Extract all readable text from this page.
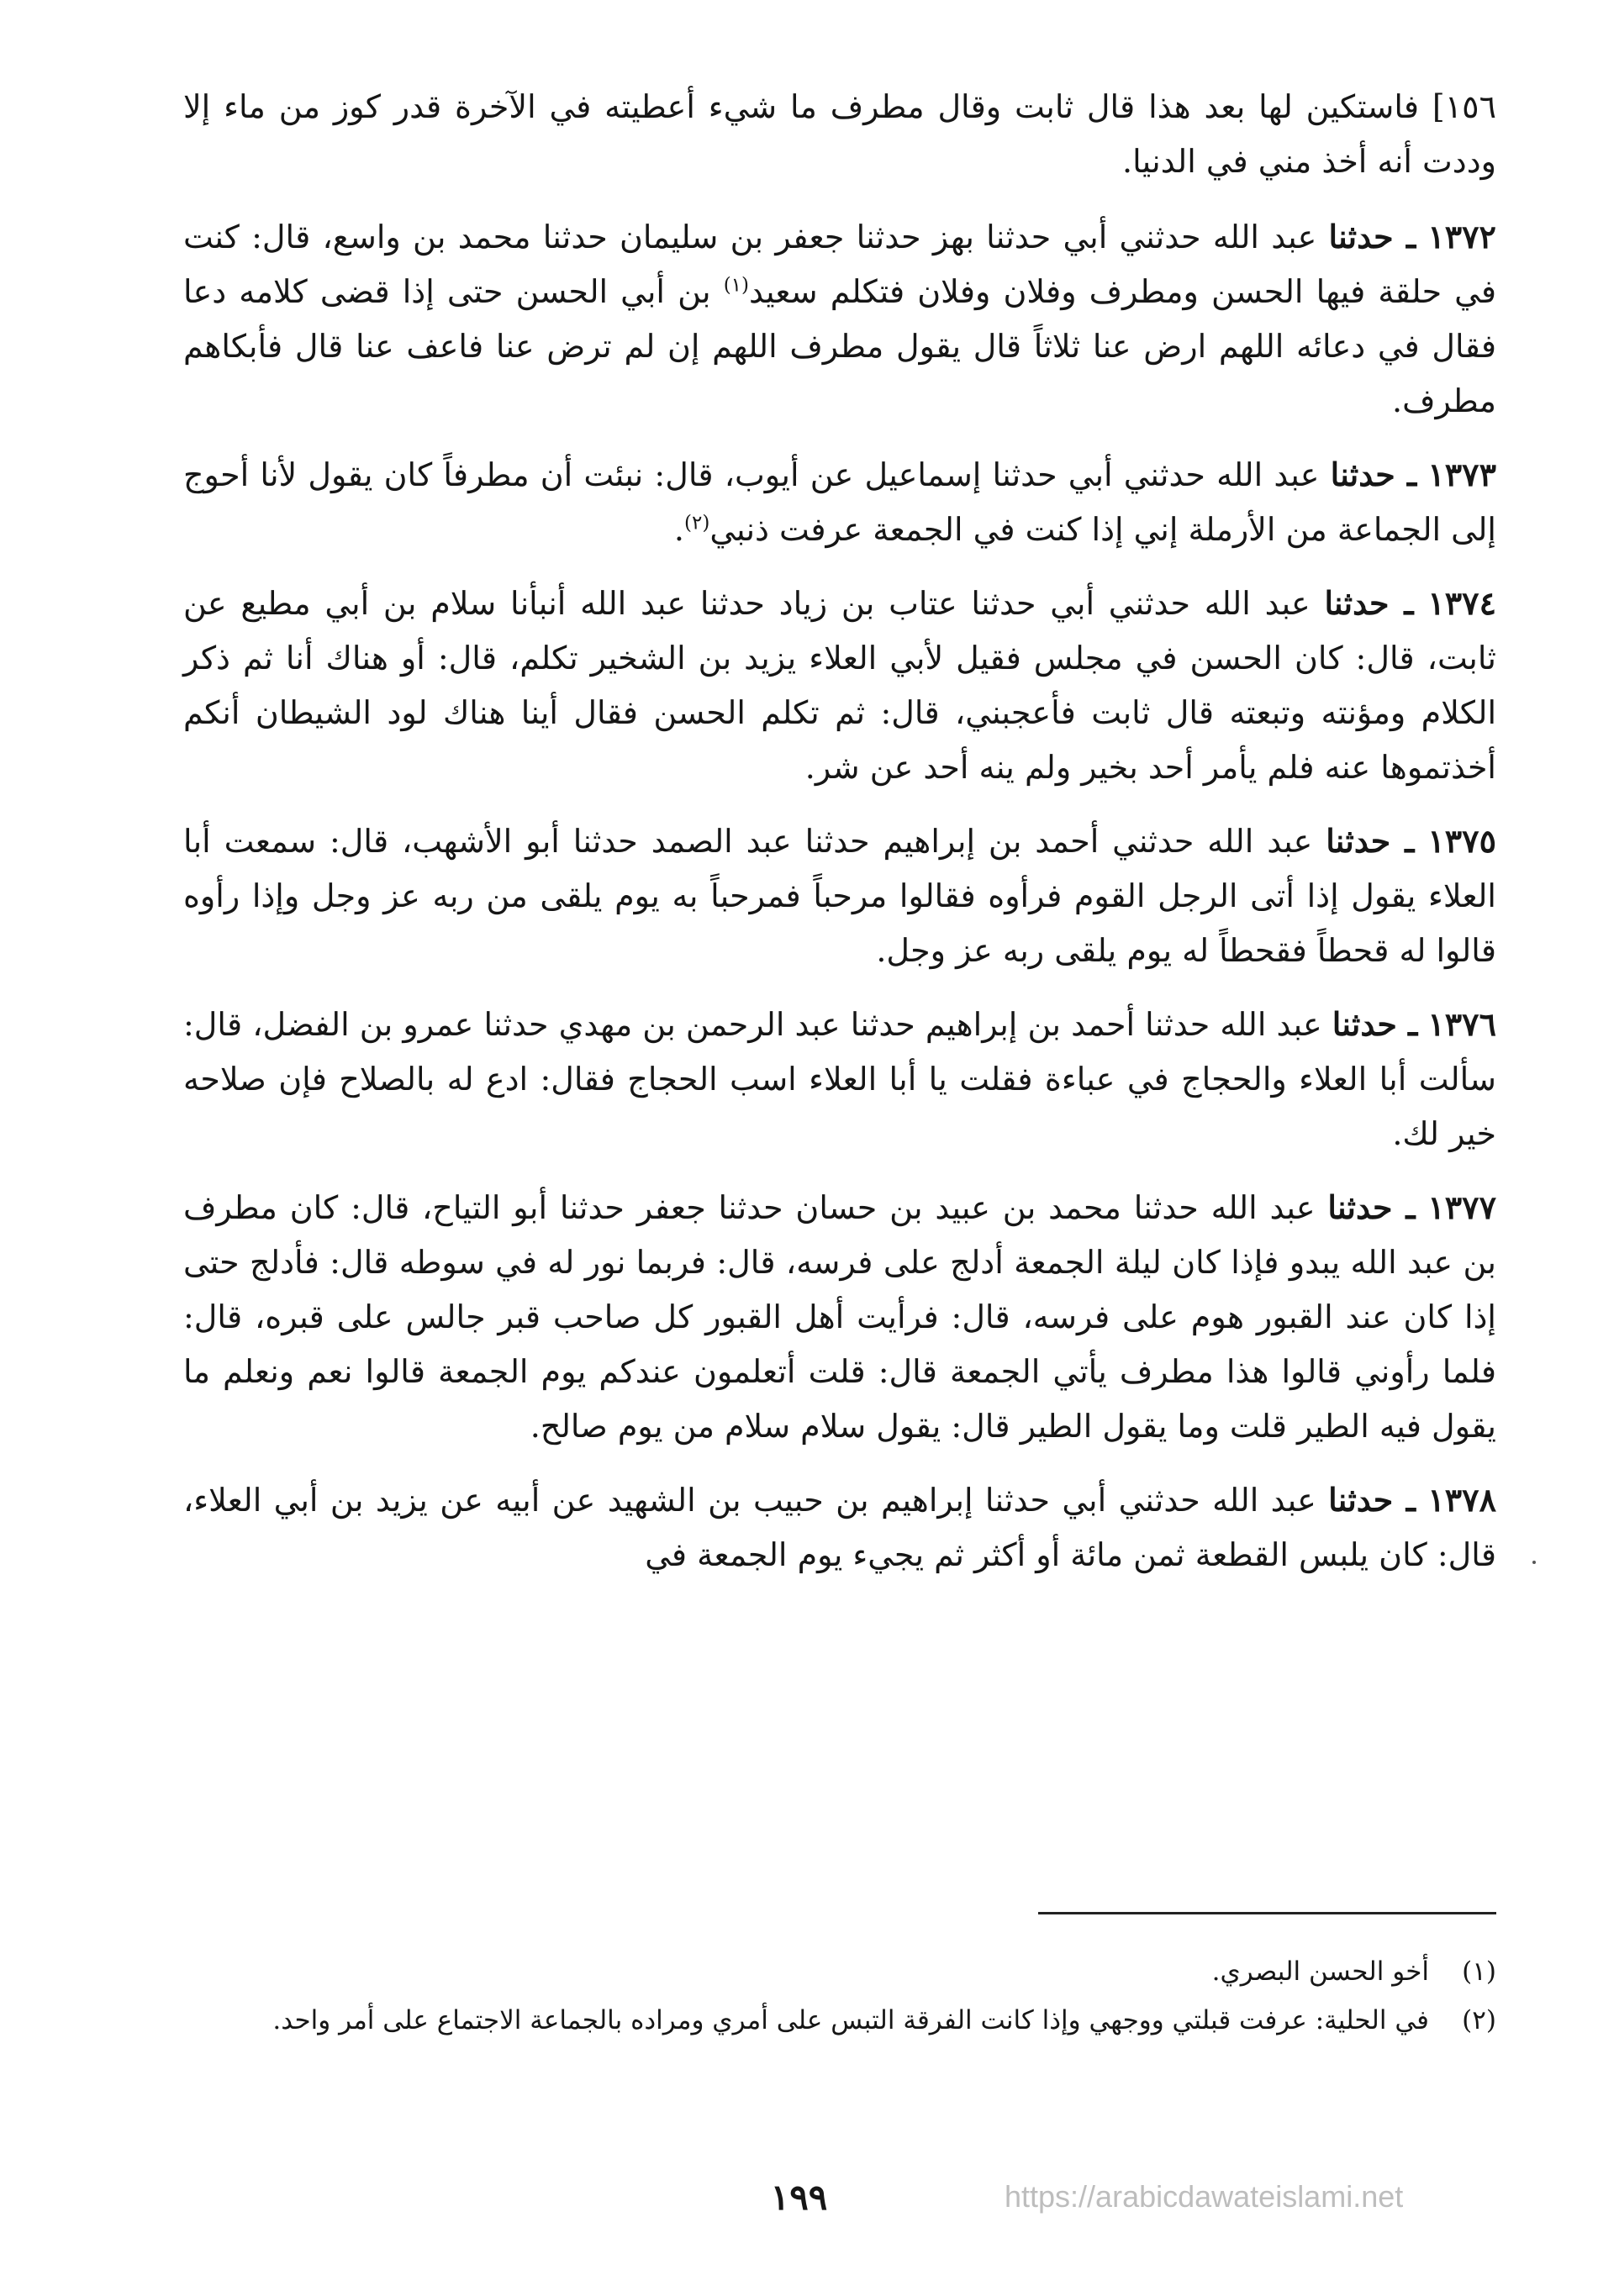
١٥٦] فاستكين لها بعد هذا قال ثابت وقال مطرف ما شيء أعطيته في الآخرة قدر كوز من ماء إلا وددت أنه أخذ مني في الدنيا.

١٣٧٢ ـ حدثنا عبد الله حدثني أبي حدثنا بهز حدثنا جعفر بن سليمان حدثنا محمد بن واسع، قال: كنت في حلقة فيها الحسن ومطرف وفلان وفلان فتكلم سعيد$^{(١)}$ بن أبي الحسن حتى إذا قضى كلامه دعا فقال في دعائه اللهم ارض عنا ثلاثاً قال يقول مطرف اللهم إن لم ترض عنا فاعف عنا قال فأبكاهم مطرف.

١٣٧٣ ـ حدثنا عبد الله حدثني أبي حدثنا إسماعيل عن أيوب، قال: نبئت أن مطرفاً كان يقول لأنا أحوج إلى الجماعة من الأرملة إني إذا كنت في الجمعة عرفت ذنبي$^{(٢)}$.

١٣٧٤ ـ حدثنا عبد الله حدثني أبي حدثنا عتاب بن زياد حدثنا عبد الله أنبأنا سلام بن أبي مطيع عن ثابت، قال: كان الحسن في مجلس فقيل لأبي العلاء يزيد بن الشخير تكلم، قال: أو هناك أنا ثم ذكر الكلام ومؤنته وتبعته قال ثابت فأعجبني، قال: ثم تكلم الحسن فقال أينا هناك لود الشيطان أنكم أخذتموها عنه فلم يأمر أحد بخير ولم ينه أحد عن شر.

١٣٧٥ ـ حدثنا عبد الله حدثني أحمد بن إبراهيم حدثنا عبد الصمد حدثنا أبو الأشهب، قال: سمعت أبا العلاء يقول إذا أتى الرجل القوم فرأوه فقالوا مرحباً فمرحباً به يوم يلقى من ربه عز وجل وإذا رأوه قالوا له قحطاً فقحطاً له يوم يلقى ربه عز وجل.

١٣٧٦ ـ حدثنا عبد الله حدثنا أحمد بن إبراهيم حدثنا عبد الرحمن بن مهدي حدثنا عمرو بن الفضل، قال: سألت أبا العلاء والحجاج في عباءة فقلت يا أبا العلاء اسب الحجاج فقال: ادع له بالصلاح فإن صلاحه خير لك.

١٣٧٧ ـ حدثنا عبد الله حدثنا محمد بن عبيد بن حسان حدثنا جعفر حدثنا أبو التياح، قال: كان مطرف بن عبد الله يبدو فإذا كان ليلة الجمعة أدلج على فرسه، قال: فربما نور له في سوطه قال: فأدلج حتى إذا كان عند القبور هوم على فرسه، قال: فرأيت أهل القبور كل صاحب قبر جالس على قبره، قال: فلما رأوني قالوا هذا مطرف يأتي الجمعة قال: قلت أتعلمون عندكم يوم الجمعة قالوا نعم ونعلم ما يقول فيه الطير قلت وما يقول الطير قال: يقول سلام سلام من يوم صالح.

١٣٧٨ ـ حدثنا عبد الله حدثني أبي حدثنا إبراهيم بن حبيب بن الشهيد عن أبيه عن يزيد بن أبي العلاء، قال: كان يلبس القطعة ثمن مائة أو أكثر ثم يجيء يوم الجمعة في

(١)
أخو الحسن البصري.

(٢)
في الحلية: عرفت قبلتي ووجهي وإذا كانت الفرقة التبس على أمري ومراده بالجماعة الاجتماع على أمر واحد.

١٩٩	https://arabicdawateislami.net
